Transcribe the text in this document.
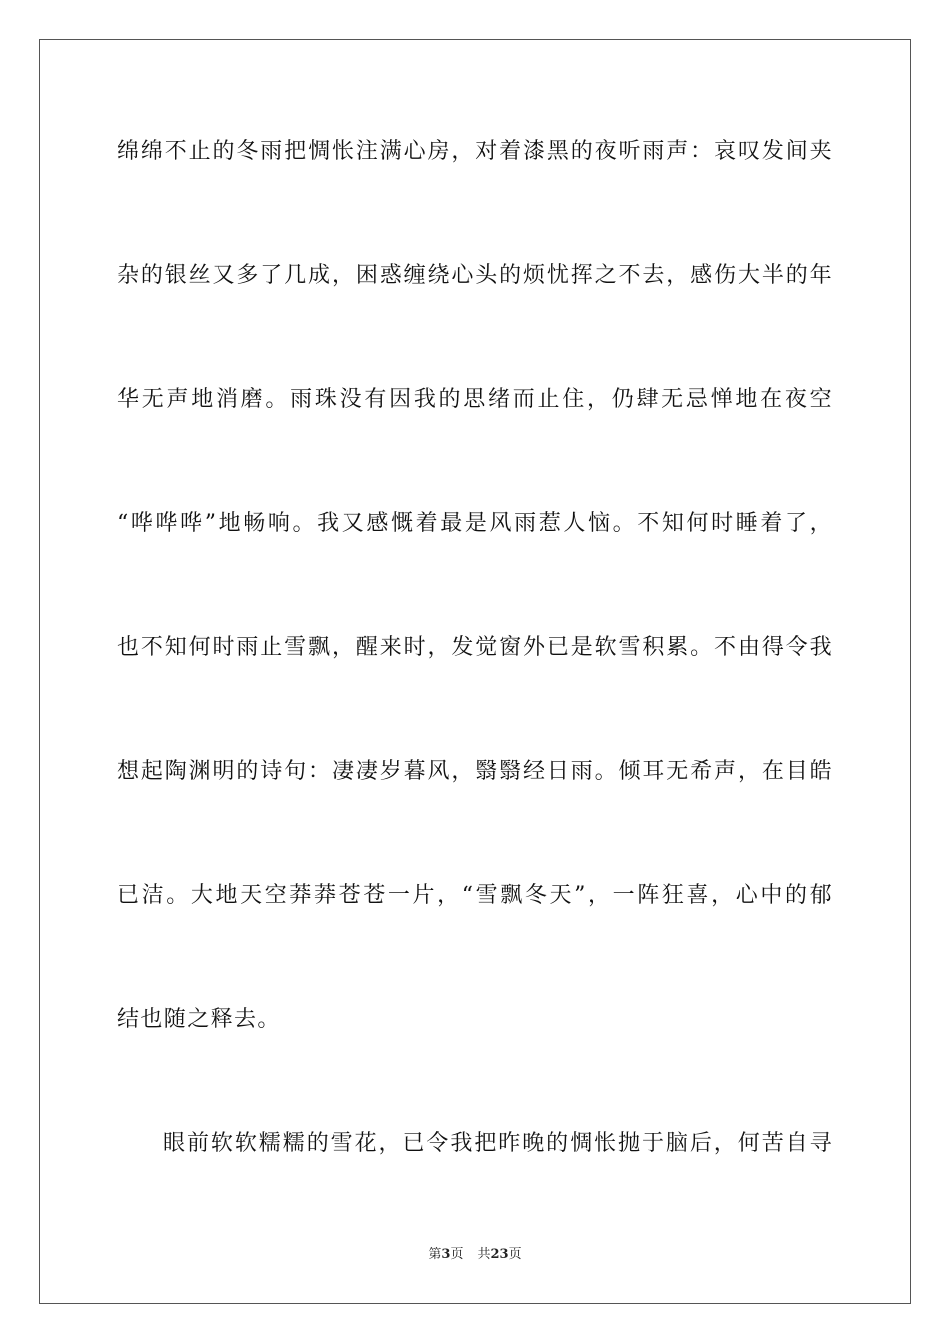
绵绵不止的冬雨把惆怅注满心房，对着漆黑的夜听雨声：哀叹发间夹
杂的银丝又多了几成，困惑缠绕心头的烦忧挥之不去，感伤大半的年
华无声地消磨。雨珠没有因我的思绪而止住，仍肆无忌惮地在夜空
“哗哗哗”地畅响。我又感慨着最是风雨惹人恼。不知何时睡着了，
也不知何时雨止雪飘，醒来时，发觉窗外已是软雪积累。不由得令我
想起陶渊明的诗句：凄凄岁暮风，翳翳经日雨。倾耳无希声，在目皓
已洁。大地天空莽莽苍苍一片，“雪飘冬天”，一阵狂喜，心中的郁
结也随之释去。
眼前软软糯糯的雪花，已令我把昨晚的惆怅抛于脑后，何苦自寻
第3页 共23页
